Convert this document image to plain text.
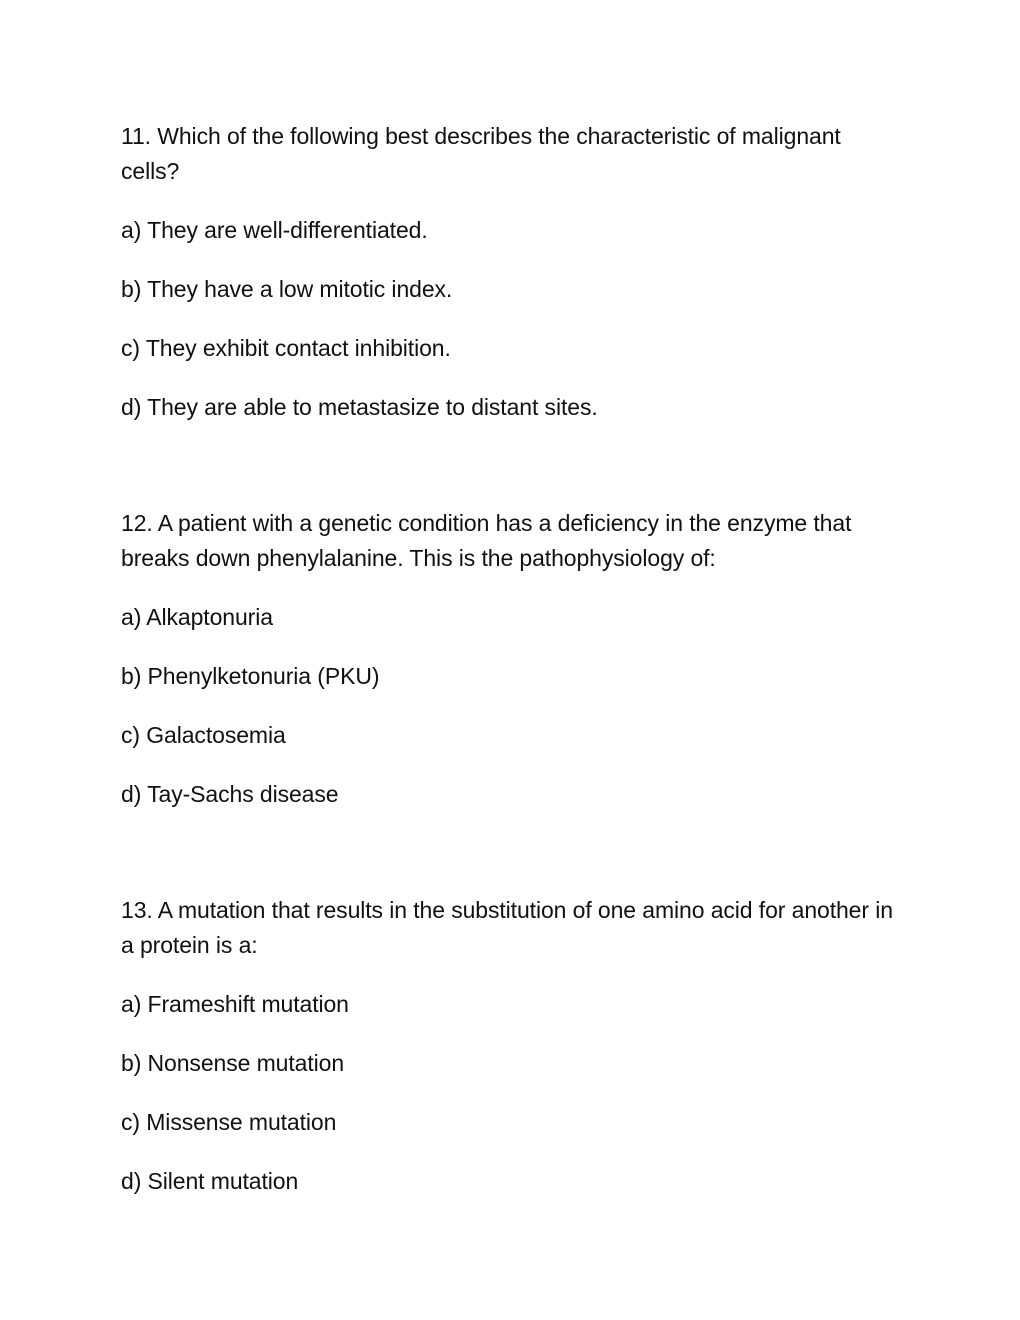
11. Which of the following best describes the characteristic of malignant cells?

a) They are well-differentiated.
b) They have a low mitotic index.
c) They exhibit contact inhibition.
d) They are able to metastasize to distant sites.

12. A patient with a genetic condition has a deficiency in the enzyme that breaks down phenylalanine. This is the pathophysiology of:

a) Alkaptonuria
b) Phenylketonuria (PKU)
c) Galactosemia
d) Tay-Sachs disease

13. A mutation that results in the substitution of one amino acid for another in a protein is a:

a) Frameshift mutation
b) Nonsense mutation
c) Missense mutation
d) Silent mutation
